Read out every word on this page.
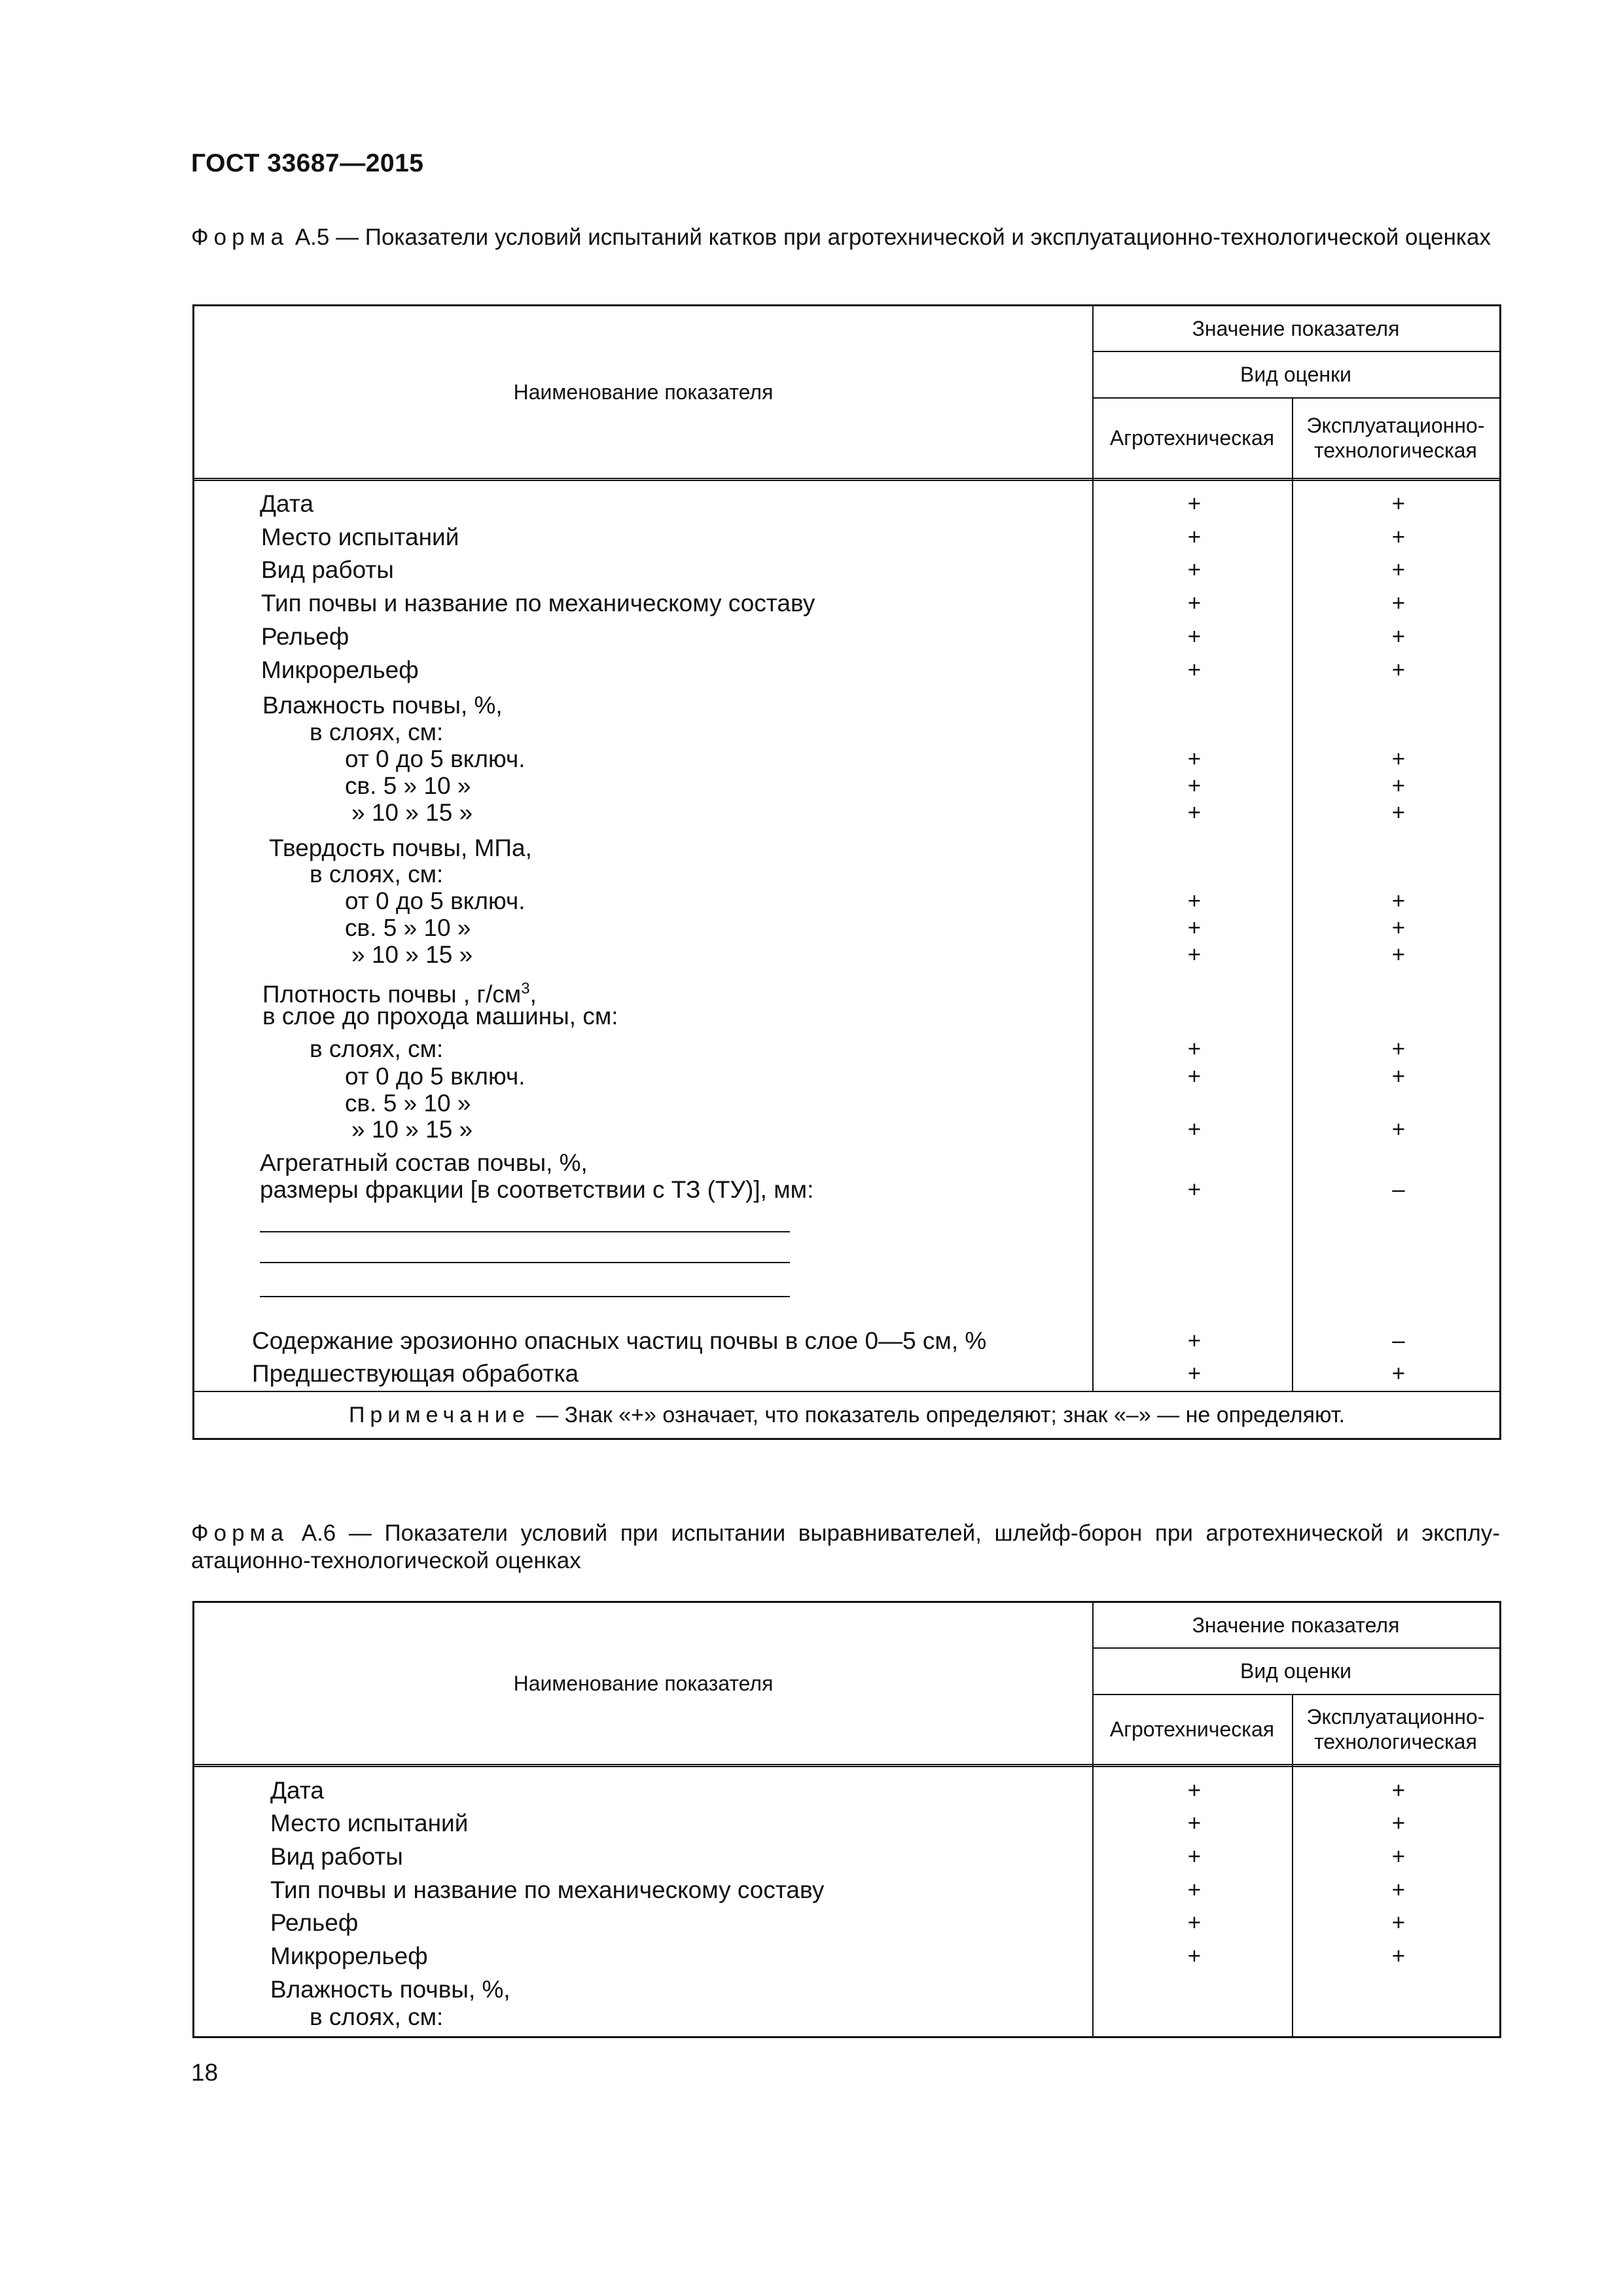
ГОСТ 33687—2015
Форма А.5 — Показатели условий испытаний катков при агротехнической и эксплуатационно-технологической оценках
Наименование показателя
Значение показателя
Вид оценки
Агротехническая
Эксплуатационно-технологическая
Дата	+	+
Место испытаний	+	+
Вид работы	+	+
Тип почвы и название по механическому составу	+	+
Рельеф	+	+
Микрорельеф	+	+
Влажность почвы, %,
в слоях, см:
от 0 до 5 включ.	+	+
св. 5 » 10 »	+	+
» 10 » 15 »	+	+
Твердость почвы, МПа,
в слоях, см:
от 0 до 5 включ.	+	+
св. 5 » 10 »	+	+
» 10 » 15 »	+	+
Плотность почвы , $г/см^3$,
в слое до прохода машины, см:
в слоях, см:	+	+
от 0 до 5 включ.	+	+
св. 5 » 10 »
» 10 » 15 »	+	+
Агрегатный состав почвы, %,
размеры фракции [в соответствии с ТЗ (ТУ)], мм:	+	–
Содержание эрозионно опасных частиц почвы в слое 0—5 см, %	+	–
Предшествующая обработка	+	+
Примечание — Знак «+» означает, что показатель определяют; знак «–» — не определяют.
Форма А.6 — Показатели условий при испытании выравнивателей, шлейф-борон при агротехнической и эксплу-атационно-технологической оценках
Наименование показателя
Значение показателя
Вид оценки
Агротехническая
Эксплуатационно-технологическая
Дата	+	+
Место испытаний	+	+
Вид работы	+	+
Тип почвы и название по механическому составу	+	+
Рельеф	+	+
Микрорельеф	+	+
Влажность почвы, %,
в слоях, см:
18
